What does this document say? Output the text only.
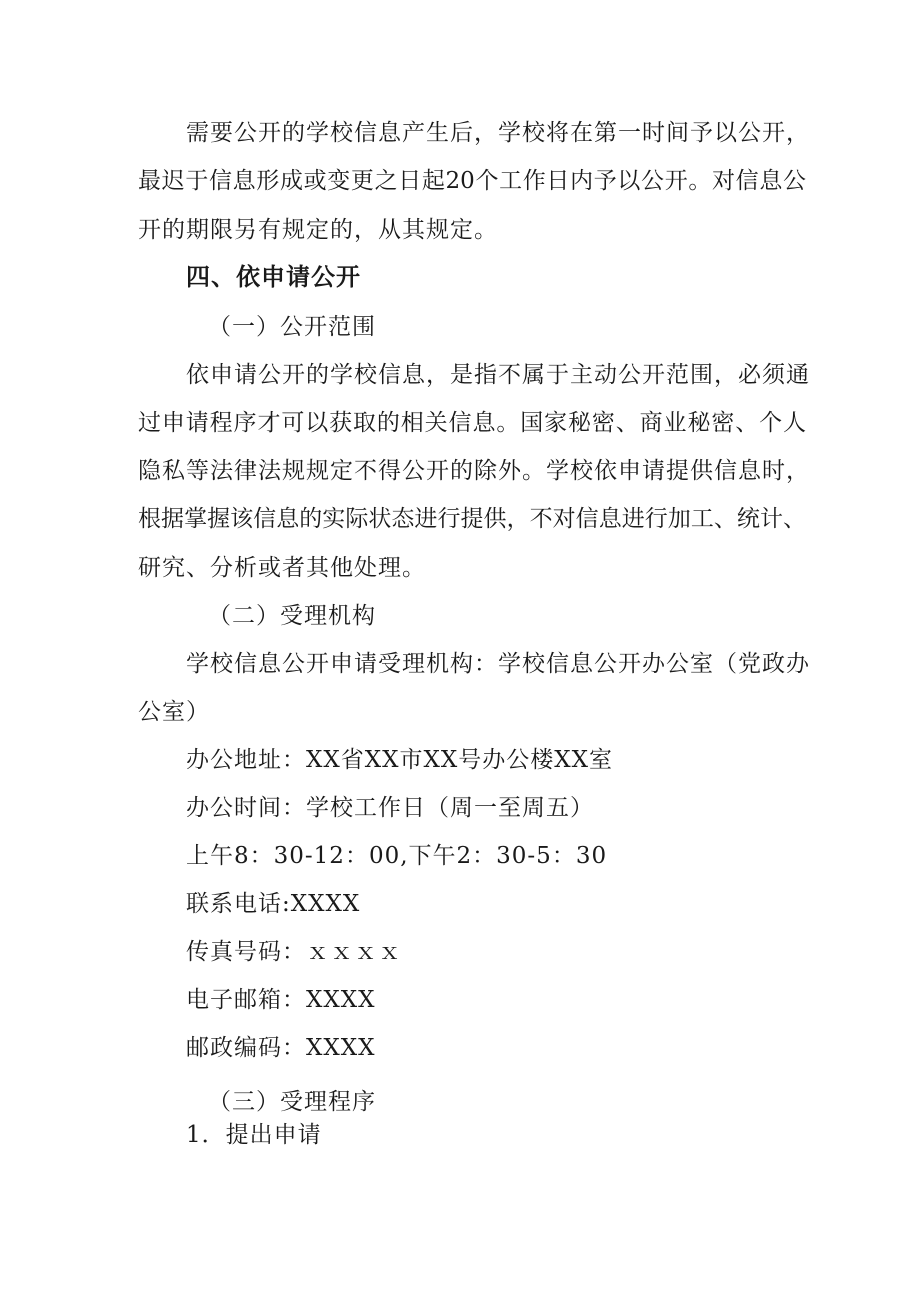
需要公开的学校信息产生后，学校将在第一时间予以公开，
最迟于信息形成或变更之日起20个工作日内予以公开。对信息公
开的期限另有规定的，从其规定。
四、依申请公开
（一）公开范围
依申请公开的学校信息，是指不属于主动公开范围，必须通
过申请程序才可以获取的相关信息。国家秘密、商业秘密、个人
隐私等法律法规规定不得公开的除外。学校依申请提供信息时，
根据掌握该信息的实际状态进行提供，不对信息进行加工、统计、
研究、分析或者其他处理。
（二）受理机构
学校信息公开申请受理机构：学校信息公开办公室（党政办
公室）
办公地址：XX省XX市XX号办公楼XX室
办公时间：学校工作日（周一至周五）
上午8：30-12：00,下午2：30-5：30
联系电话:XXXX
传真号码：ｘｘｘｘ
电子邮箱：XXXX
邮政编码：XXXX
（三）受理程序
1．提出申请
